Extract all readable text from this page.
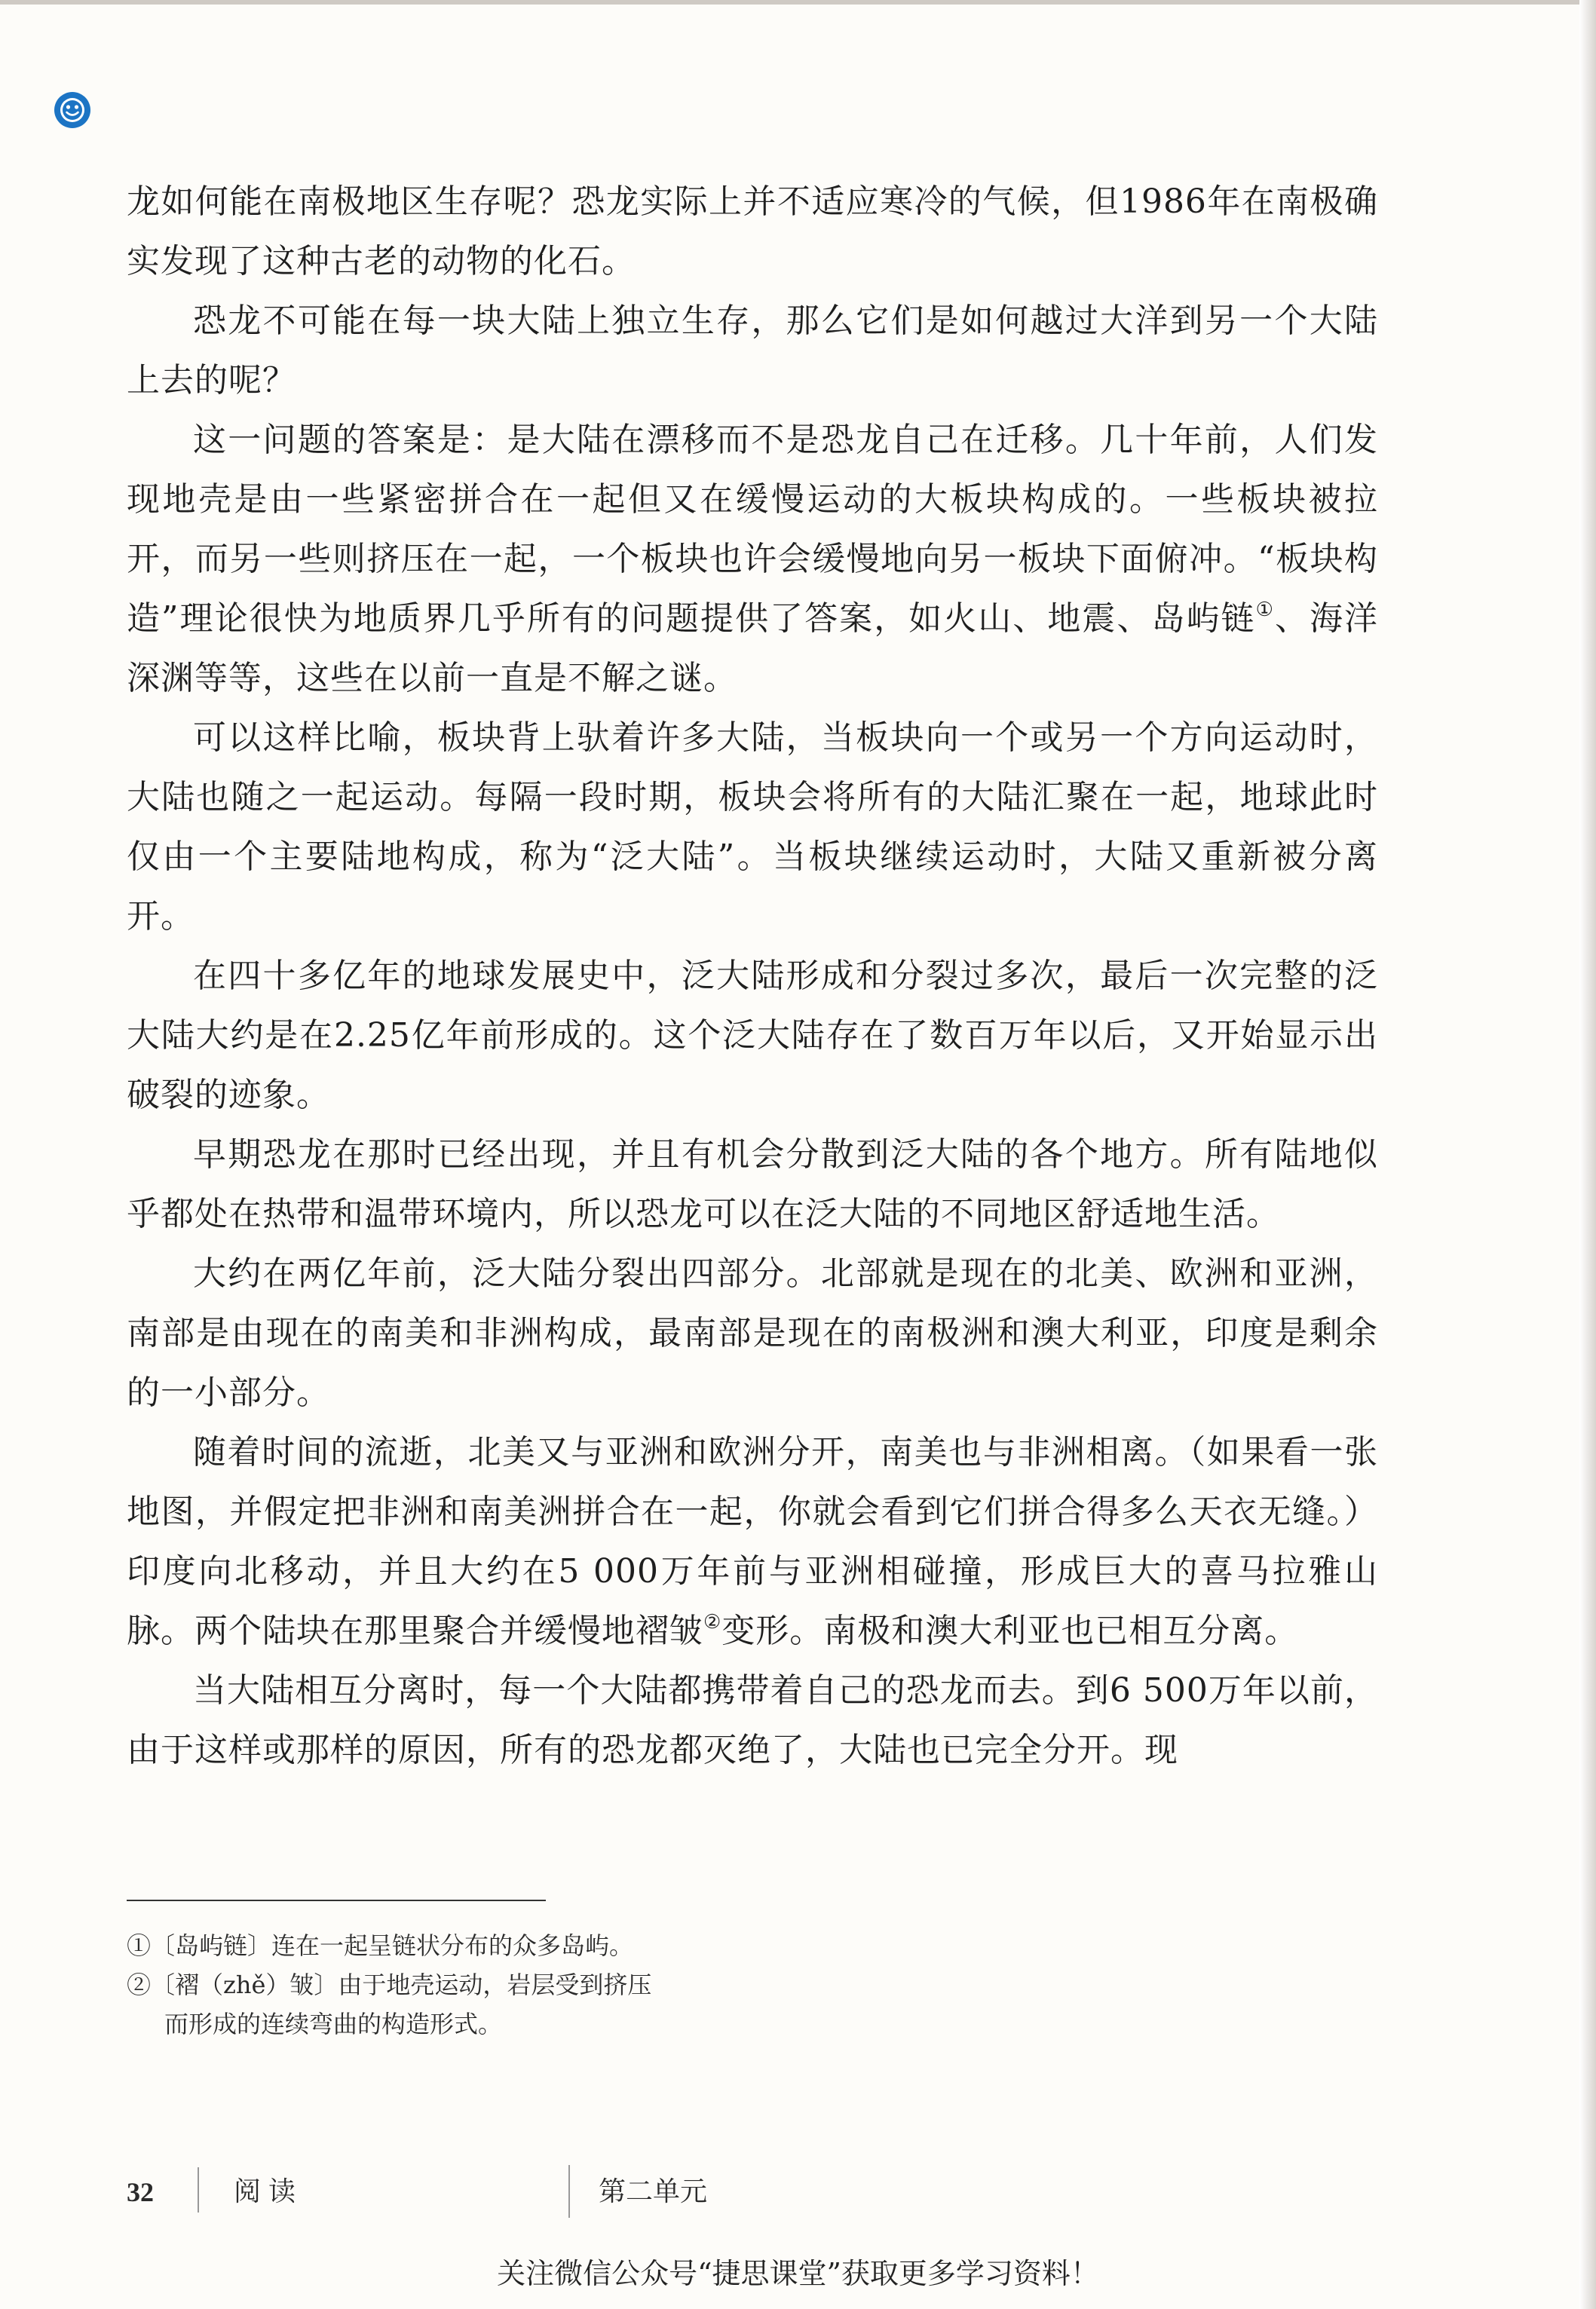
龙如何能在南极地区生存呢？恐龙实际上并不适应寒冷的气候，但1986年在南极确实发现了这种古老的动物的化石。

恐龙不可能在每一块大陆上独立生存，那么它们是如何越过大洋到另一个大陆上去的呢？

这一问题的答案是：是大陆在漂移而不是恐龙自己在迁移。几十年前，人们发现地壳是由一些紧密拼合在一起但又在缓慢运动的大板块构成的。一些板块被拉开，而另一些则挤压在一起，一个板块也许会缓慢地向另一板块下面俯冲。“板块构造”理论很快为地质界几乎所有的问题提供了答案，如火山、地震、岛屿链①、海洋深渊等等，这些在以前一直是不解之谜。

可以这样比喻，板块背上驮着许多大陆，当板块向一个或另一个方向运动时，大陆也随之一起运动。每隔一段时期，板块会将所有的大陆汇聚在一起，地球此时仅由一个主要陆地构成，称为“泛大陆”。当板块继续运动时，大陆又重新被分离开。

在四十多亿年的地球发展史中，泛大陆形成和分裂过多次，最后一次完整的泛大陆大约是在2.25亿年前形成的。这个泛大陆存在了数百万年以后，又开始显示出破裂的迹象。

早期恐龙在那时已经出现，并且有机会分散到泛大陆的各个地方。所有陆地似乎都处在热带和温带环境内，所以恐龙可以在泛大陆的不同地区舒适地生活。

大约在两亿年前，泛大陆分裂出四部分。北部就是现在的北美、欧洲和亚洲，南部是由现在的南美和非洲构成，最南部是现在的南极洲和澳大利亚，印度是剩余的一小部分。

随着时间的流逝，北美又与亚洲和欧洲分开，南美也与非洲相离。（如果看一张地图，并假定把非洲和南美洲拼合在一起，你就会看到它们拼合得多么天衣无缝。）印度向北移动，并且大约在5 000万年前与亚洲相碰撞，形成巨大的喜马拉雅山脉。两个陆块在那里聚合并缓慢地褶皱②变形。南极和澳大利亚也已相互分离。

当大陆相互分离时，每一个大陆都携带着自己的恐龙而去。到6 500万年以前，由于这样或那样的原因，所有的恐龙都灭绝了，大陆也已完全分开。现

①〔岛屿链〕连在一起呈链状分布的众多岛屿。

②〔褶（zhě）皱〕由于地壳运动，岩层受到挤压

而形成的连续弯曲的构造形式。

32	阅读	第二单元
关注微信公众号“捷思课堂”获取更多学习资料！
